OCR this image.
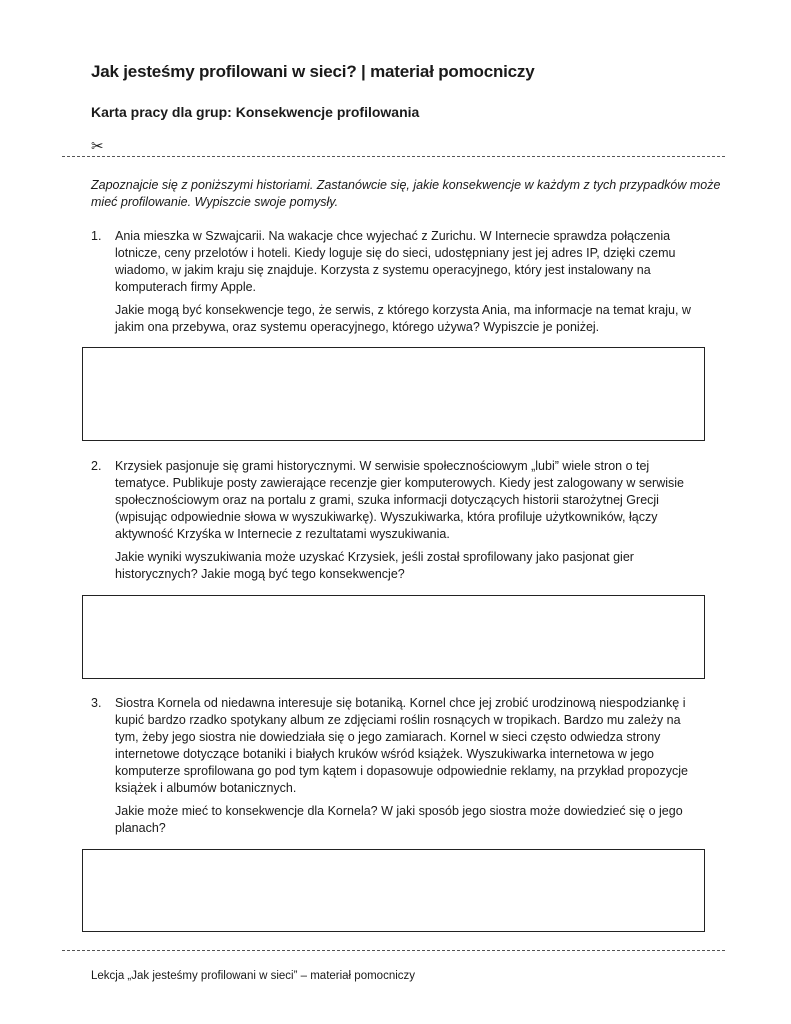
Jak jesteśmy profilowani w sieci? | materiał pomocniczy
Karta pracy dla grup: Konsekwencje profilowania
✂

Zapoznajcie się z poniższymi historiami. Zastanówcie się, jakie konsekwencje w każdym z tych przypadków może mieć profilowanie. Wypiszcie swoje pomysły.

1. Ania mieszka w Szwajcarii. Na wakacje chce wyjechać z Zurichu. W Internecie sprawdza połączenia lotnicze, ceny przelotów i hoteli. Kiedy loguje się do sieci, udostępniany jest jej adres IP, dzięki czemu wiadomo, w jakim kraju się znajduje. Korzysta z systemu operacyjnego, który jest instalowany na komputerach firmy Apple.

Jakie mogą być konsekwencje tego, że serwis, z którego korzysta Ania, ma informacje na temat kraju, w jakim ona przebywa, oraz systemu operacyjnego, którego używa? Wypiszcie je poniżej.

2. Krzysiek pasjonuje się grami historycznymi. W serwisie społecznościowym „lubi” wiele stron o tej tematyce. Publikuje posty zawierające recenzje gier komputerowych. Kiedy jest zalogowany w serwisie społecznościowym oraz na portalu z grami, szuka informacji dotyczących historii starożytnej Grecji (wpisując odpowiednie słowa w wyszukiwarkę). Wyszukiwarka, która profiluje użytkowników, łączy aktywność Krzyśka w Internecie z rezultatami wyszukiwania.

Jakie wyniki wyszukiwania może uzyskać Krzysiek, jeśli został sprofilowany jako pasjonat gier historycznych? Jakie mogą być tego konsekwencje?

3. Siostra Kornela od niedawna interesuje się botaniką. Kornel chce jej zrobić urodzinową niespodziankę i kupić bardzo rzadko spotykany album ze zdjęciami roślin rosnących w tropikach. Bardzo mu zależy na tym, żeby jego siostra nie dowiedziała się o jego zamiarach. Kornel w sieci często odwiedza strony internetowe dotyczące botaniki i białych kruków wśród książek. Wyszukiwarka internetowa w jego komputerze sprofilowana go pod tym kątem i dopasowuje odpowiednie reklamy, na przykład propozycje książek i albumów botanicznych.

Jakie może mieć to konsekwencje dla Kornela? W jaki sposób jego siostra może dowiedzieć się o jego planach?

Lekcja „Jak jesteśmy profilowani w sieci” – materiał pomocniczy
